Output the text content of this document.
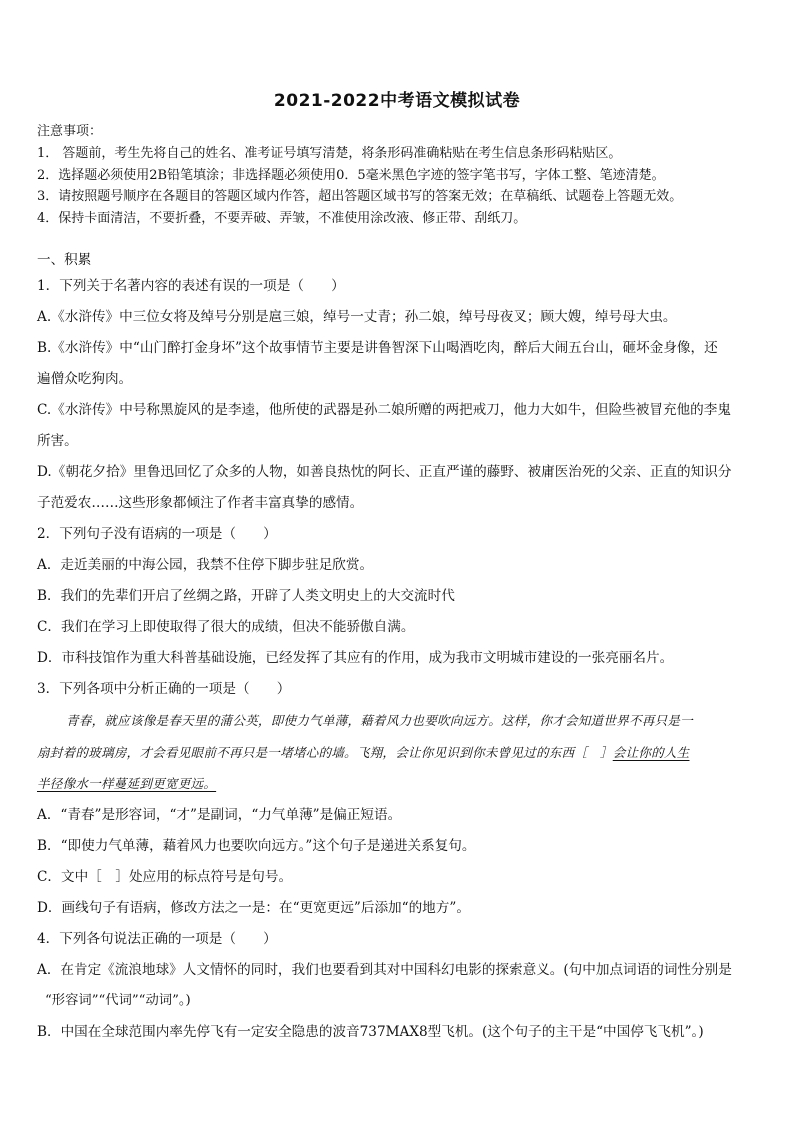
2021-2022中考语文模拟试卷
注意事项：
1． 答题前，考生先将自己的姓名、准考证号填写清楚，将条形码准确粘贴在考生信息条形码粘贴区。
2．选择题必须使用2B铅笔填涂；非选择题必须使用0．5毫米黑色字迹的签字笔书写，字体工整、笔迹清楚。
3．请按照题号顺序在各题目的答题区域内作答，超出答题区域书写的答案无效；在草稿纸、试题卷上答题无效。
4．保持卡面清洁，不要折叠，不要弄破、弄皱，不准使用涂改液、修正带、刮纸刀。
一、积累
1．下列关于名著内容的表述有误的一项是（　　）
A.《水浒传》中三位女将及绰号分别是扈三娘，绰号一丈青；孙二娘，绰号母夜叉；顾大嫂，绰号母大虫。
B.《水浒传》中“山门醉打金身坏”这个故事情节主要是讲鲁智深下山喝酒吃肉，醉后大闹五台山，砸坏金身像，还
遍僧众吃狗肉。
C.《水浒传》中号称黑旋风的是李逵，他所使的武器是孙二娘所赠的两把戒刀，他力大如牛，但险些被冒充他的李鬼
所害。
D.《朝花夕拾》里鲁迅回忆了众多的人物，如善良热忱的阿长、正直严谨的藤野、被庸医治死的父亲、正直的知识分
子范爱农……这些形象都倾注了作者丰富真挚的感情。
2．下列句子没有语病的一项是（　　）
A．走近美丽的中海公园，我禁不住停下脚步驻足欣赏。
B．我们的先辈们开启了丝绸之路，开辟了人类文明史上的大交流时代
C．我们在学习上即使取得了很大的成绩，但决不能骄傲自满。
D．市科技馆作为重大科普基础设施，已经发挥了其应有的作用，成为我市文明城市建设的一张亮丽名片。
3．下列各项中分析正确的一项是（　　）
青春，就应该像是春天里的蒲公英，即使力气单薄，藉着风力也要吹向远方。这样，你才会知道世界不再只是一
扇封着的玻璃房，才会看见眼前不再只是一堵堵心的墙。飞翔，会让你见识到你未曾见过的东西［　］会让你的人生
半径像水一样蔓延到更宽更远。
A．“青春”是形容词，“才”是副词，“力气单薄”是偏正短语。
B．“即使力气单薄，藉着风力也要吹向远方。”这个句子是递进关系复句。
C．文中［　］处应用的标点符号是句号。
D．画线句子有语病，修改方法之一是：在“更宽更远”后添加“的地方”。
4．下列各句说法正确的一项是（　　）
A．在肯定《流浪地球》人文情怀的同时，我们也要看到其对中国科幻电影的探索意义。(句中加点词语的词性分别是
“形容词”“代词”“动词”。)
B．中国在全球范围内率先停飞有一定安全隐患的波音737MAX8型飞机。(这个句子的主干是“中国停飞飞机”。)
